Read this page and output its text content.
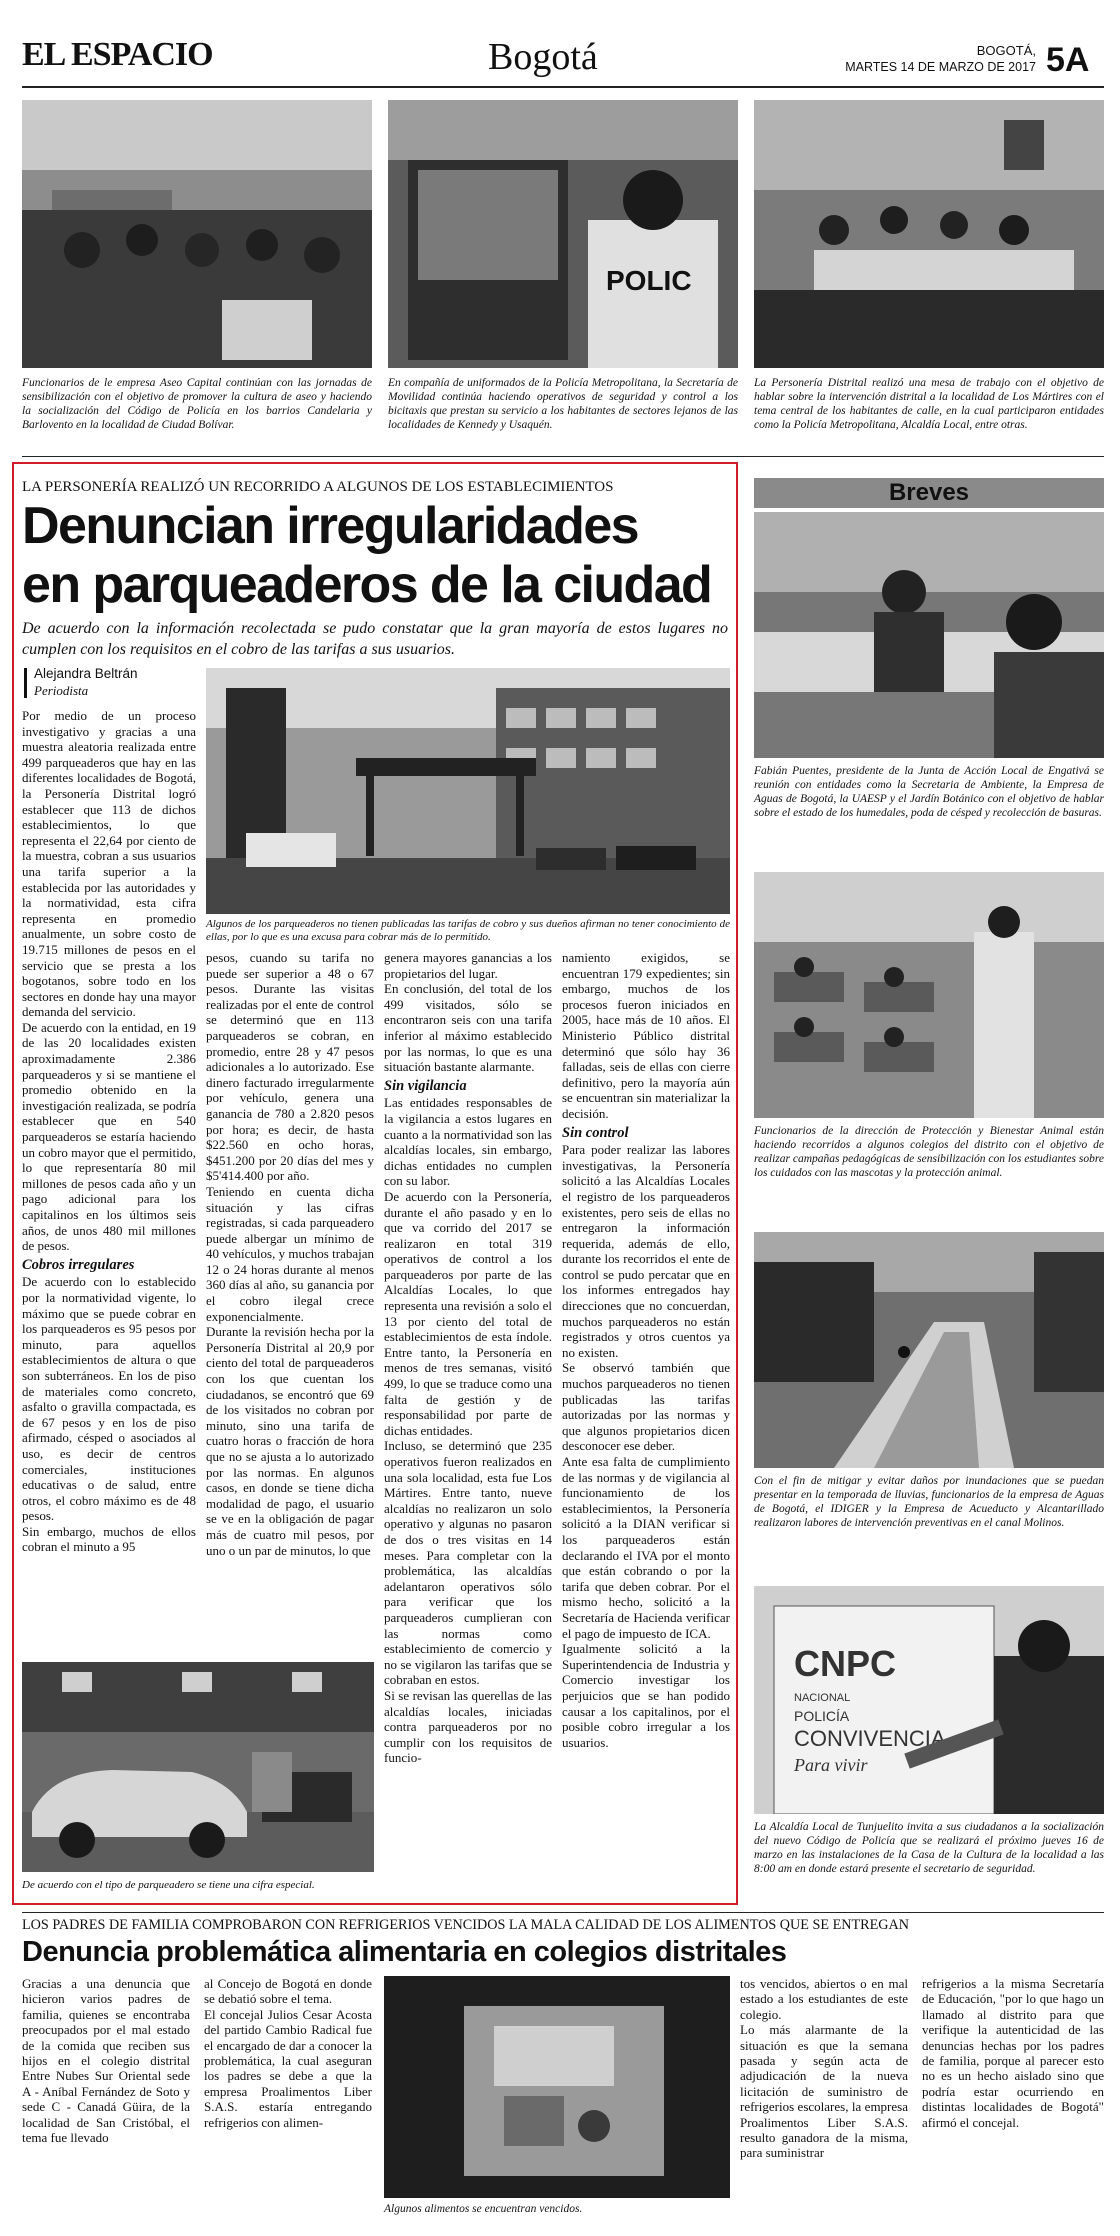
EL ESPACIO	Bogotá	BOGOTÁ,
MARTES 14 DE MARZO DE 2017 5A
POLIC
Funcionarios de le empresa Aseo Capital continúan con las jornadas de sensibilización con el objetivo de promover la cultura de aseo y haciendo la socialización del Código de Policía en los barrios Candelaria y Barlovento en la localidad de Ciudad Bolívar.
En compañía de uniformados de la Policía Metropolitana, la Secretaría de Movilidad continúa haciendo operativos de seguridad y control a los bicitaxis que prestan su servicio a los habitantes de sectores lejanos de las localidades de Kennedy y Usaquén.
La Personería Distrital realizó una mesa de trabajo con el objetivo de hablar sobre la intervención distrital a la localidad de Los Mártires con el tema central de los habitantes de calle, en la cual participaron entidades como la Policía Metropolitana, Alcaldía Local, entre otras.
LA PERSONERÍA REALIZÓ UN RECORRIDO A ALGUNOS DE LOS ESTABLECIMIENTOS
Denuncian irregularidades
en parqueaderos de la ciudad
De acuerdo con la información recolectada se pudo constatar que la gran mayoría de estos lugares no cumplen con los requisitos en el cobro de las tarifas a sus usuarios.
Alejandra Beltrán
Periodista
Algunos de los parqueaderos no tienen publicadas las tarifas de cobro y sus dueños afirman no tener conocimiento de ellas, por lo que es una excusa para cobrar más de lo permitido.

Por medio de un proceso investigativo y gracias a una muestra aleatoria realizada entre 499 parqueaderos que hay en las diferentes localidades de Bogotá, la Personería Distrital logró establecer que 113 de dichos establecimientos, lo que representa el 22,64 por ciento de la muestra, cobran a sus usuarios una tarifa superior a la establecida por las autoridades y la normatividad, esta cifra representa en promedio anualmente, un sobre costo de 19.715 millones de pesos en el servicio que se presta a los bogotanos, sobre todo en los sectores en donde hay una mayor demanda del servicio.

De acuerdo con la entidad, en 19 de las 20 localidades existen aproximadamente 2.386 parqueaderos y si se mantiene el promedio obtenido en la investigación realizada, se podría establecer que en 540 parqueaderos se estaría haciendo un cobro mayor que el permitido, lo que representaría 80 mil millones de pesos cada año y un pago adicional para los capitalinos en los últimos seis años, de unos 480 mil millones de pesos.

Cobros irregulares

De acuerdo con lo establecido por la normatividad vigente, lo máximo que se puede cobrar en los parqueaderos es 95 pesos por minuto, para aquellos establecimientos de altura o que son subterráneos. En los de piso de materiales como concreto, asfalto o gravilla compactada, es de 67 pesos y en los de piso afirmado, césped o asociados al uso, es decir de centros comerciales, instituciones educativas o de salud, entre otros, el cobro máximo es de 48 pesos.

Sin embargo, muchos de ellos cobran el minuto a 95

pesos, cuando su tarifa no puede ser superior a 48 o 67 pesos. Durante las visitas realizadas por el ente de control se determinó que en 113 parqueaderos se cobran, en promedio, entre 28 y 47 pesos adicionales a lo autorizado. Ese dinero facturado irregularmente por vehículo, genera una ganancia de 780 a 2.820 pesos por hora; es decir, de hasta $22.560 en ocho horas, $451.200 por 20 días del mes y $5'414.400 por año.

Teniendo en cuenta dicha situación y las cifras registradas, si cada parqueadero puede albergar un mínimo de 40 vehículos, y muchos trabajan 12 o 24 horas durante al menos 360 días al año, su ganancia por el cobro ilegal crece exponencialmente.

Durante la revisión hecha por la Personería Distrital al 20,9 por ciento del total de parqueaderos con los que cuentan los ciudadanos, se encontró que 69 de los visitados no cobran por minuto, sino una tarifa de cuatro horas o fracción de hora que no se ajusta a lo autorizado por las normas. En algunos casos, en donde se tiene dicha modalidad de pago, el usuario se ve en la obligación de pagar más de cuatro mil pesos, por uno o un par de minutos, lo que

genera mayores ganancias a los propietarios del lugar.

En conclusión, del total de los 499 visitados, sólo se encontraron seis con una tarifa inferior al máximo establecido por las normas, lo que es una situación bastante alarmante.

Sin vigilancia

Las entidades responsables de la vigilancia a estos lugares en cuanto a la normatividad son las alcaldías locales, sin embargo, dichas entidades no cumplen con su labor.

De acuerdo con la Personería, durante el año pasado y en lo que va corrido del 2017 se realizaron en total 319 operativos de control a los parqueaderos por parte de las Alcaldías Locales, lo que representa una revisión a solo el 13 por ciento del total de establecimientos de esta índole. Entre tanto, la Personería en menos de tres semanas, visitó 499, lo que se traduce como una falta de gestión y de responsabilidad por parte de dichas entidades.

Incluso, se determinó que 235 operativos fueron realizados en una sola localidad, esta fue Los Mártires. Entre tanto, nueve alcaldías no realizaron un solo operativo y algunas no pasaron de dos o tres visitas en 14 meses. Para completar con la problemática, las alcaldías adelantaron operativos sólo para verificar que los parqueaderos cumplieran con las normas como establecimiento de comercio y no se vigilaron las tarifas que se cobraban en estos.

Si se revisan las querellas de las alcaldías locales, iniciadas contra parqueaderos por no cumplir con los requisitos de funcio-

namiento exigidos, se encuentran 179 expedientes; sin embargo, muchos de los procesos fueron iniciados en 2005, hace más de 10 años. El Ministerio Público distrital determinó que sólo hay 36 falladas, seis de ellas con cierre definitivo, pero la mayoría aún se encuentran sin materializar la decisión.

Sin control

Para poder realizar las labores investigativas, la Personería solicitó a las Alcaldías Locales el registro de los parqueaderos existentes, pero seis de ellas no entregaron la información requerida, además de ello, durante los recorridos el ente de control se pudo percatar que en los informes entregados hay direcciones que no concuerdan, muchos parqueaderos no están registrados y otros cuentos ya no existen.

Se observó también que muchos parqueaderos no tienen publicadas las tarifas autorizadas por las normas y que algunos propietarios dicen desconocer ese deber.

Ante esa falta de cumplimiento de las normas y de vigilancia al funcionamiento de los establecimientos, la Personería solicitó a la DIAN verificar si los parqueaderos están declarando el IVA por el monto que están cobrando o por la tarifa que deben cobrar. Por el mismo hecho, solicitó a la Secretaría de Hacienda verificar el pago de impuesto de ICA.

Igualmente solicitó a la Superintendencia de Industria y Comercio investigar los perjuicios que se han podido causar a los capitalinos, por el posible cobro irregular a los usuarios.

De acuerdo con el tipo de parqueadero se tiene una cifra especial.
Breves
Fabián Puentes, presidente de la Junta de Acción Local de Engativá se reunión con entidades como la Secretaria de Ambiente, la Empresa de Aguas de Bogotá, la UAESP y el Jardín Botánico con el objetivo de hablar sobre el estado de los humedales, poda de césped y recolección de basuras.
Funcionarios de la dirección de Protección y Bienestar Animal están haciendo recorridos a algunos colegios del distrito con el objetivo de realizar campañas pedagógicas de sensibilización con los estudiantes sobre los cuidados con las mascotas y la protección animal.
Con el fin de mitigar y evitar daños por inundaciones que se puedan presentar en la temporada de lluvias, funcionarios de la empresa de Aguas de Bogotá, el IDIGER y la Empresa de Acueducto y Alcantarillado realizaron labores de intervención preventivas en el canal Molinos.
CNPC
NACIONAL
POLICÍA
CONVIVENCIA
Para vivir
La Alcaldía Local de Tunjuelito invita a sus ciudadanos a la socialización del nuevo Código de Policía que se realizará el próximo jueves 16 de marzo en las instalaciones de la Casa de la Cultura de la localidad a las 8:00 am en donde estará presente el secretario de seguridad.
LOS PADRES DE FAMILIA COMPROBARON CON REFRIGERIOS VENCIDOS LA MALA CALIDAD DE LOS ALIMENTOS QUE SE ENTREGAN
Denuncia problemática alimentaria en colegios distritales
Gracias a una denuncia que hicieron varios padres de familia, quienes se encontraba preocupados por el mal estado de la comida que reciben sus hijos en el colegio distrital Entre Nubes Sur Oriental sede A - Aníbal Fernández de Soto y sede C - Canadá Güira, de la localidad de San Cristóbal, el tema fue llevado
al Concejo de Bogotá en donde se debatió sobre el tema.
El concejal Julios Cesar Acosta del partido Cambio Radical fue el encargado de dar a conocer la problemática, la cual aseguran los padres se debe a que la empresa Proalimentos Liber S.A.S. estaría entregando refrigerios con alimen-
Algunos alimentos se encuentran vencidos.
tos vencidos, abiertos o en mal estado a los estudiantes de este colegio.
Lo más alarmante de la situación es que la semana pasada y según acta de adjudicación de la nueva licitación de suministro de refrigerios escolares, la empresa Proalimentos Liber S.A.S. resulto ganadora de la misma, para suministrar
refrigerios a la misma Secretaría de Educación, "por lo que hago un llamado al distrito para que verifique la autenticidad de las denuncias hechas por los padres de familia, porque al parecer esto no es un hecho aislado sino que podría estar ocurriendo en distintas localidades de Bogotá" afirmó el concejal.
